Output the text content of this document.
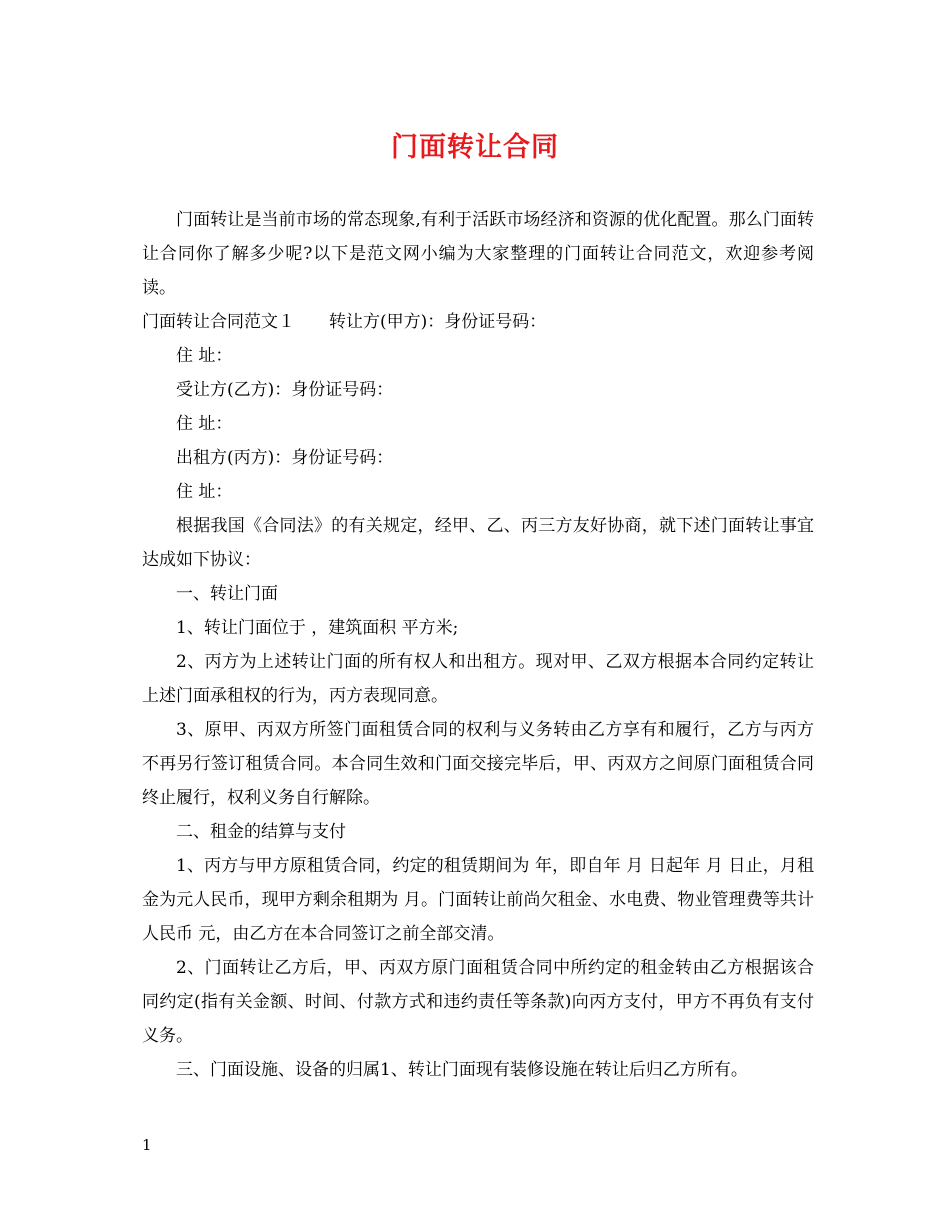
门面转让合同

门面转让是当前市场的常态现象,有利于活跃市场经济和资源的优化配置。那么门面转让合同你了解多少呢?以下是范文网小编为大家整理的门面转让合同范文，欢迎参考阅读。

门面转让合同范文１　　转让方(甲方)：身份证号码：

住 址：

受让方(乙方)：身份证号码：

住 址：

出租方(丙方)：身份证号码：

住 址：

根据我国《合同法》的有关规定，经甲、乙、丙三方友好协商，就下述门面转让事宜达成如下协议：

一、转让门面

1、转让门面位于 ，建筑面积 平方米;

2、丙方为上述转让门面的所有权人和出租方。现对甲、乙双方根据本合同约定转让上述门面承租权的行为，丙方表现同意。

3、原甲、丙双方所签门面租赁合同的权利与义务转由乙方享有和履行，乙方与丙方不再另行签订租赁合同。本合同生效和门面交接完毕后，甲、丙双方之间原门面租赁合同终止履行，权利义务自行解除。

二、租金的结算与支付

1、丙方与甲方原租赁合同，约定的租赁期间为 年，即自年 月 日起年 月 日止，月租金为元人民币，现甲方剩余租期为 月。门面转让前尚欠租金、水电费、物业管理费等共计人民币 元，由乙方在本合同签订之前全部交清。

2、门面转让乙方后，甲、丙双方原门面租赁合同中所约定的租金转由乙方根据该合同约定(指有关金额、时间、付款方式和违约责任等条款)向丙方支付，甲方不再负有支付义务。

三、门面设施、设备的归属1、转让门面现有装修设施在转让后归乙方所有。

1
